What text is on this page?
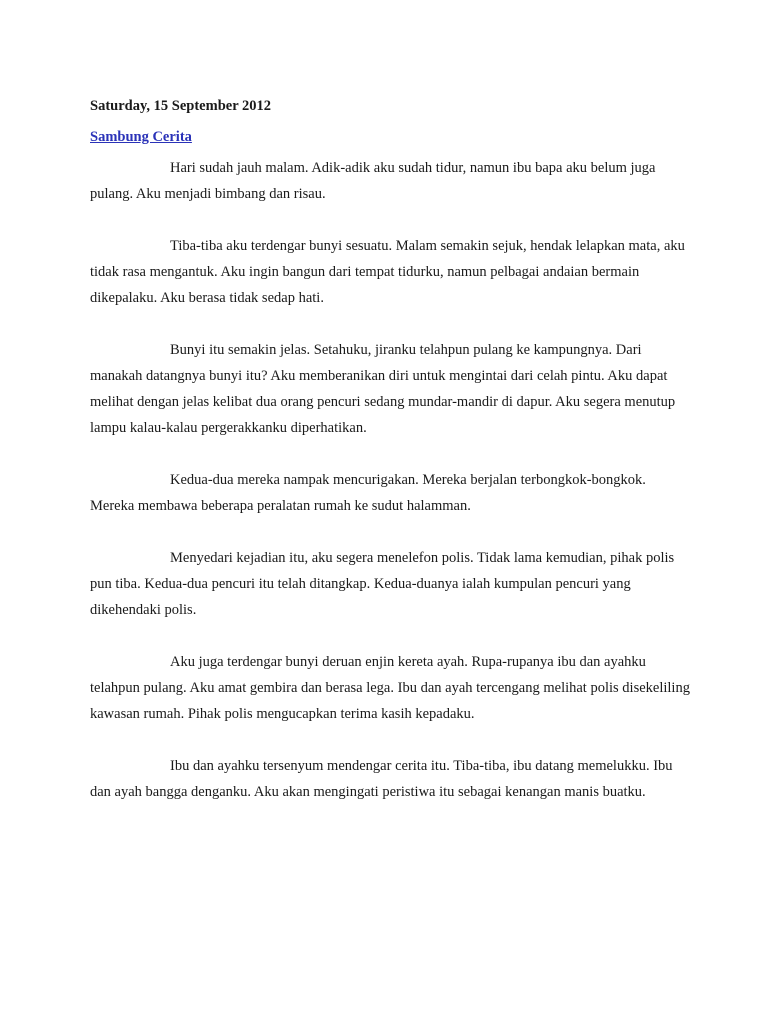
Saturday, 15 September 2012
Sambung Cerita

Hari sudah jauh malam. Adik-adik aku sudah tidur, namun ibu bapa aku belum juga pulang. Aku menjadi bimbang dan risau.

Tiba-tiba aku terdengar bunyi sesuatu. Malam semakin sejuk, hendak lelapkan mata, aku tidak rasa mengantuk. Aku ingin bangun dari tempat tidurku, namun pelbagai andaian bermain dikepalaku. Aku berasa tidak sedap hati.

Bunyi itu semakin jelas. Setahuku, jiranku telahpun pulang ke kampungnya. Dari manakah datangnya bunyi itu? Aku memberanikan diri untuk mengintai dari celah pintu. Aku dapat melihat dengan jelas kelibat dua orang pencuri sedang mundar-mandir di dapur. Aku segera menutup lampu kalau-kalau pergerakkanku diperhatikan.

Kedua-dua mereka nampak mencurigakan. Mereka berjalan terbongkok-bongkok. Mereka membawa beberapa peralatan rumah ke sudut halamman.

Menyedari kejadian itu, aku segera menelefon polis. Tidak lama kemudian, pihak polis pun tiba. Kedua-dua pencuri itu telah ditangkap. Kedua-duanya ialah kumpulan pencuri yang dikehendaki polis.

Aku juga terdengar bunyi deruan enjin kereta ayah. Rupa-rupanya ibu dan ayahku telahpun pulang. Aku amat gembira dan berasa lega. Ibu dan ayah tercengang melihat polis disekeliling kawasan rumah. Pihak polis mengucapkan terima kasih kepadaku.

Ibu dan ayahku tersenyum mendengar cerita itu. Tiba-tiba, ibu datang memelukku. Ibu dan ayah bangga denganku. Aku akan mengingati peristiwa itu sebagai kenangan manis buatku.
